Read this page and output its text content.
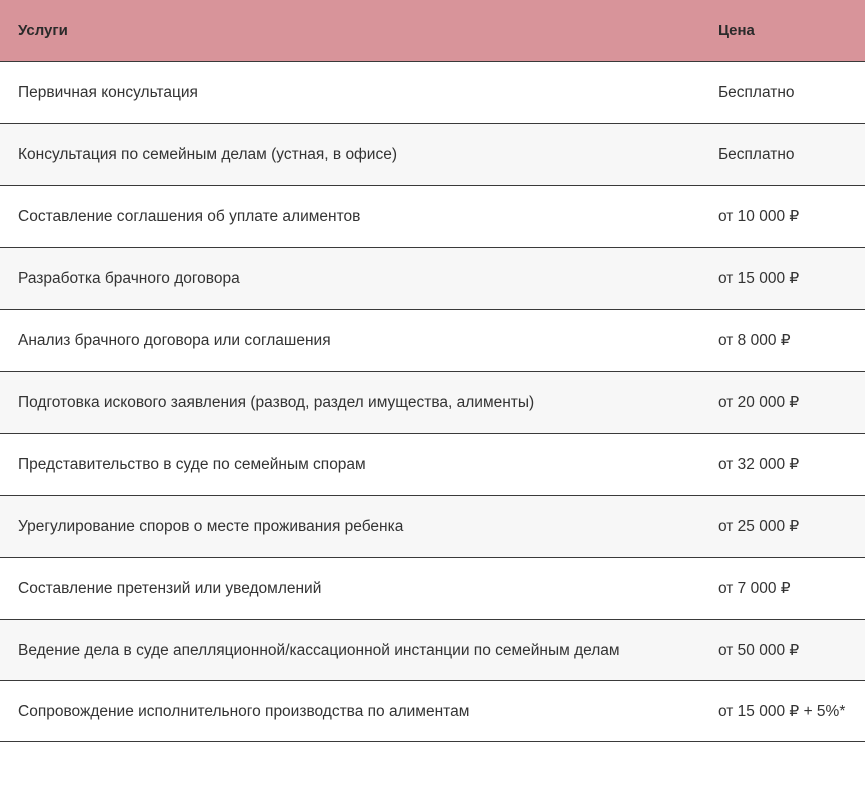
Услуги	Цена
Первичная консультация	Бесплатно
Консультация по семейным делам (устная, в офисе)	Бесплатно
Составление соглашения об уплате алиментов	от 10 000 ₽
Разработка брачного договора	от 15 000 ₽
Анализ брачного договора или соглашения	от 8 000 ₽
Подготовка искового заявления (развод, раздел имущества, алименты)	от 20 000 ₽
Представительство в суде по семейным спорам	от 32 000 ₽
Урегулирование споров о месте проживания ребенка	от 25 000 ₽
Составление претензий или уведомлений	от 7 000 ₽
Ведение дела в суде апелляционной/кассационной инстанции по семейным делам	от 50 000 ₽
Сопровождение исполнительного производства по алиментам	от 15 000 ₽ + 5%*
